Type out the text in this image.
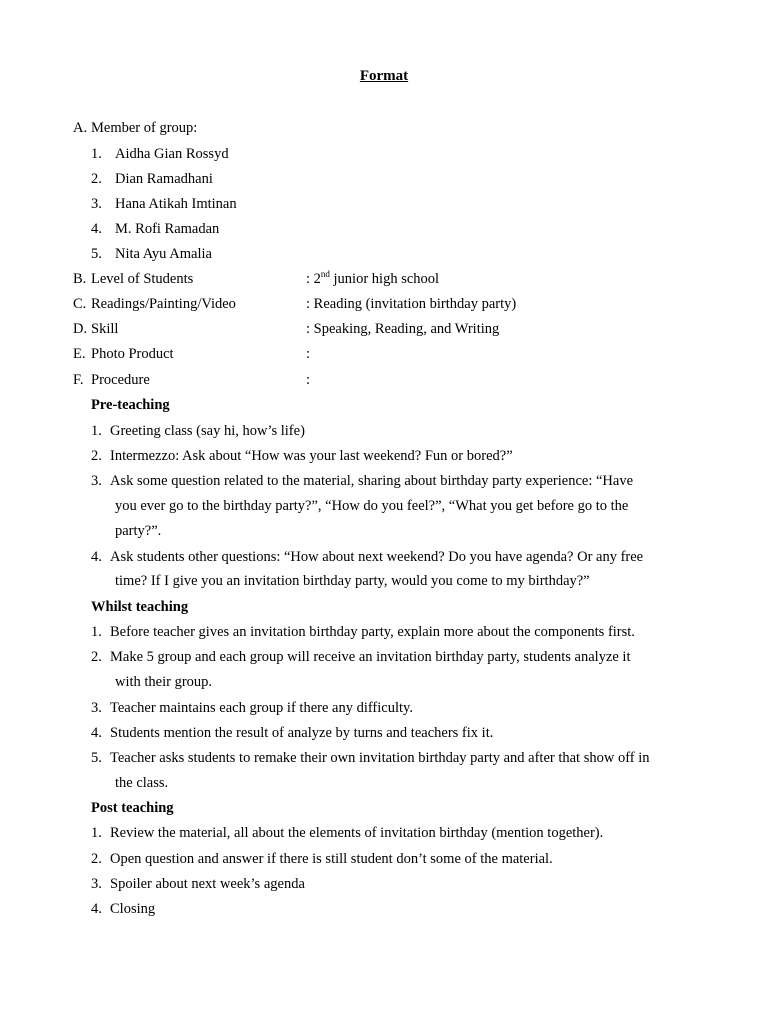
Format
A. Member of group:
1. Aidha Gian Rossyd
2. Dian Ramadhani
3. Hana Atikah Imtinan
4. M. Rofi Ramadan
5. Nita Ayu Amalia
B. Level of Students	: 2nd junior high school
C. Readings/Painting/Video	: Reading (invitation birthday party)
D. Skill	: Speaking, Reading, and Writing
E. Photo Product	:
F. Procedure	:
Pre-teaching
1. Greeting class (say hi, how’s life)
2. Intermezzo: Ask about “How was your last weekend? Fun or bored?”
3. Ask some question related to the material, sharing about birthday party experience: “Have
you ever go to the birthday party?”, “How do you feel?”, “What you get before go to the
party?”.
4. Ask students other questions: “How about next weekend? Do you have agenda? Or any free
time? If I give you an invitation birthday party, would you come to my birthday?”
Whilst teaching
1. Before teacher gives an invitation birthday party, explain more about the components first.
2. Make 5 group and each group will receive an invitation birthday party, students analyze it
with their group.
3. Teacher maintains each group if there any difficulty.
4. Students mention the result of analyze by turns and teachers fix it.
5. Teacher asks students to remake their own invitation birthday party and after that show off in
the class.
Post teaching
1. Review the material, all about the elements of invitation birthday (mention together).
2. Open question and answer if there is still student don’t some of the material.
3. Spoiler about next week’s agenda
4. Closing
